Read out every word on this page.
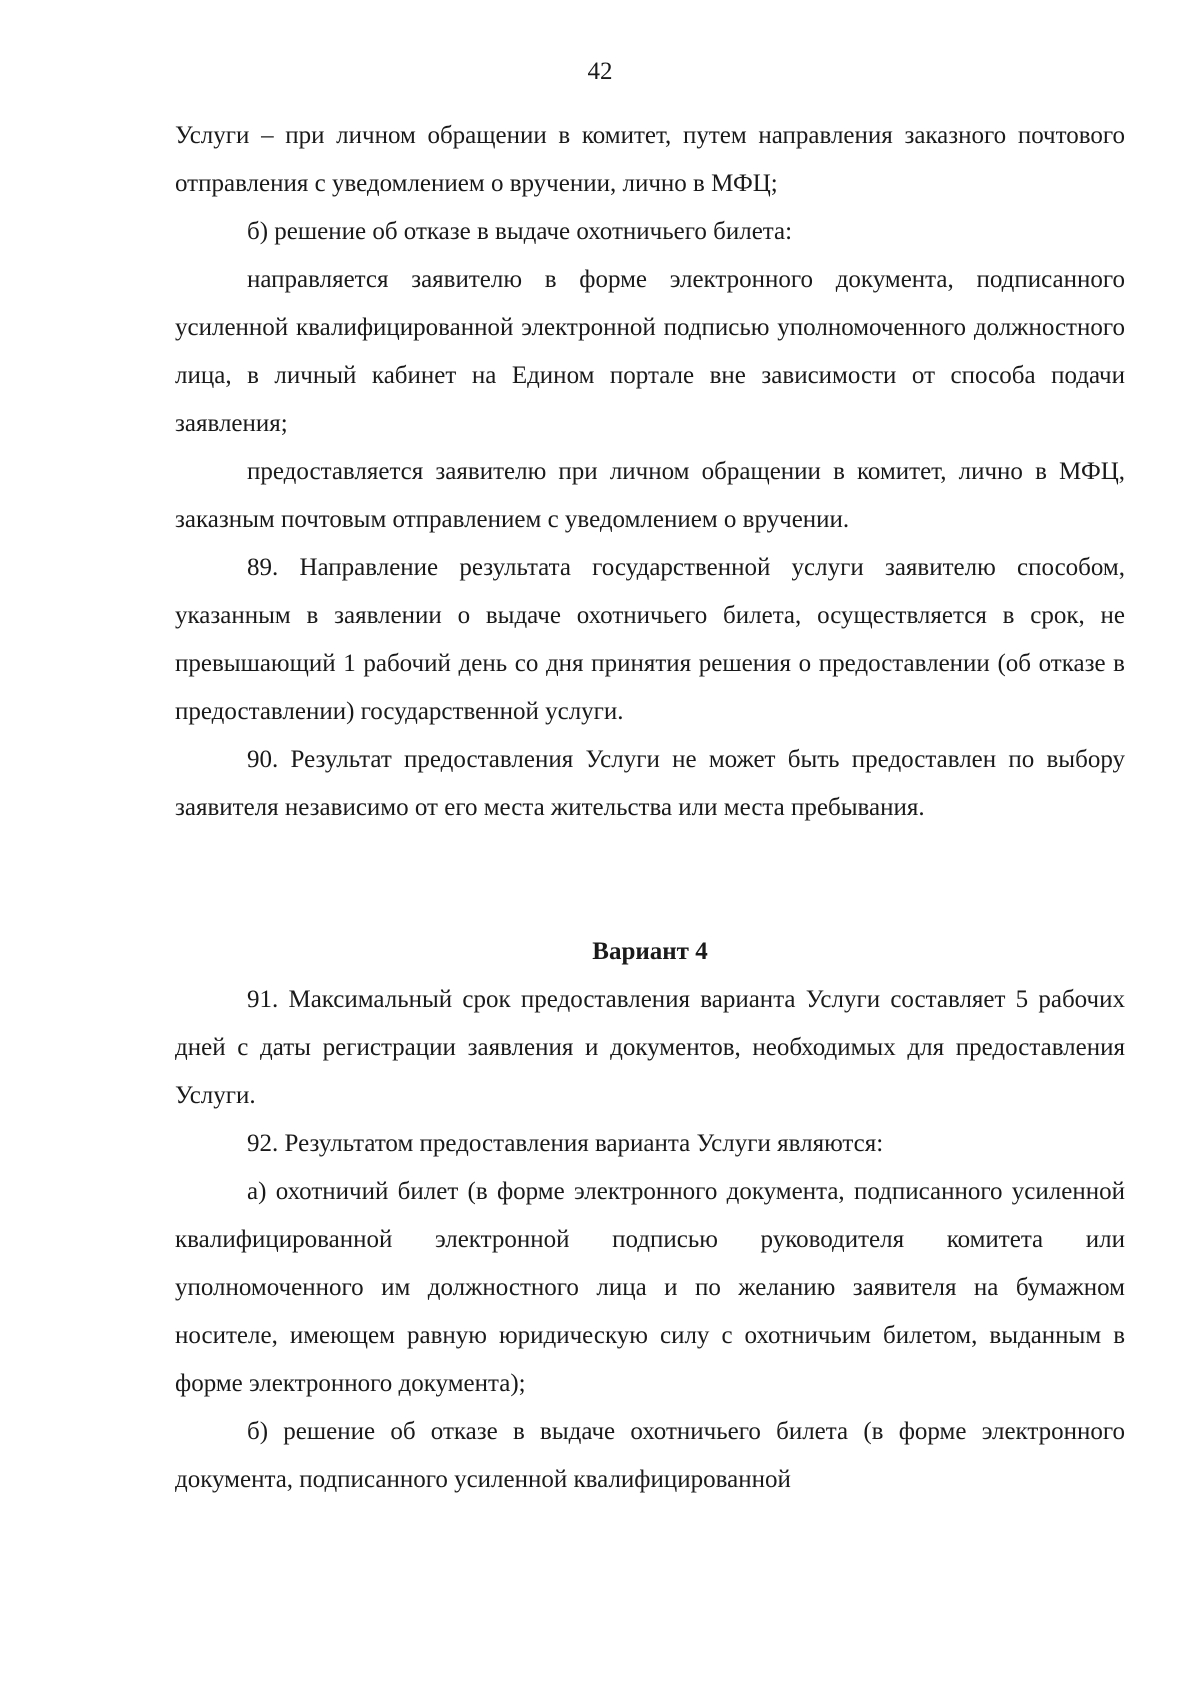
42

Услуги – при личном обращении в комитет, путем направления заказного почтового отправления с уведомлением о вручении, лично в МФЦ;

б) решение об отказе в выдаче охотничьего билета:

направляется заявителю в форме электронного документа, подписанного усиленной квалифицированной электронной подписью уполномоченного должностного лица, в личный кабинет на Едином портале вне зависимости от способа подачи заявления;

предоставляется заявителю при личном обращении в комитет, лично в МФЦ, заказным почтовым отправлением с уведомлением о вручении.

89. Направление результата государственной услуги заявителю способом, указанным в заявлении о выдаче охотничьего билета, осуществляется в срок, не превышающий 1 рабочий день со дня принятия решения о предоставлении (об отказе в предоставлении) государственной услуги.

90. Результат предоставления Услуги не может быть предоставлен по выбору заявителя независимо от его места жительства или места пребывания.

Вариант 4

91. Максимальный срок предоставления варианта Услуги составляет 5 рабочих дней с даты регистрации заявления и документов, необходимых для предоставления Услуги.

92. Результатом предоставления варианта Услуги являются:

а) охотничий билет (в форме электронного документа, подписанного усиленной квалифицированной электронной подписью руководителя комитета или уполномоченного им должностного лица и по желанию заявителя на бумажном носителе, имеющем равную юридическую силу с охотничьим билетом, выданным в форме электронного документа);

б) решение об отказе в выдаче охотничьего билета (в форме электронного документа, подписанного усиленной квалифицированной
